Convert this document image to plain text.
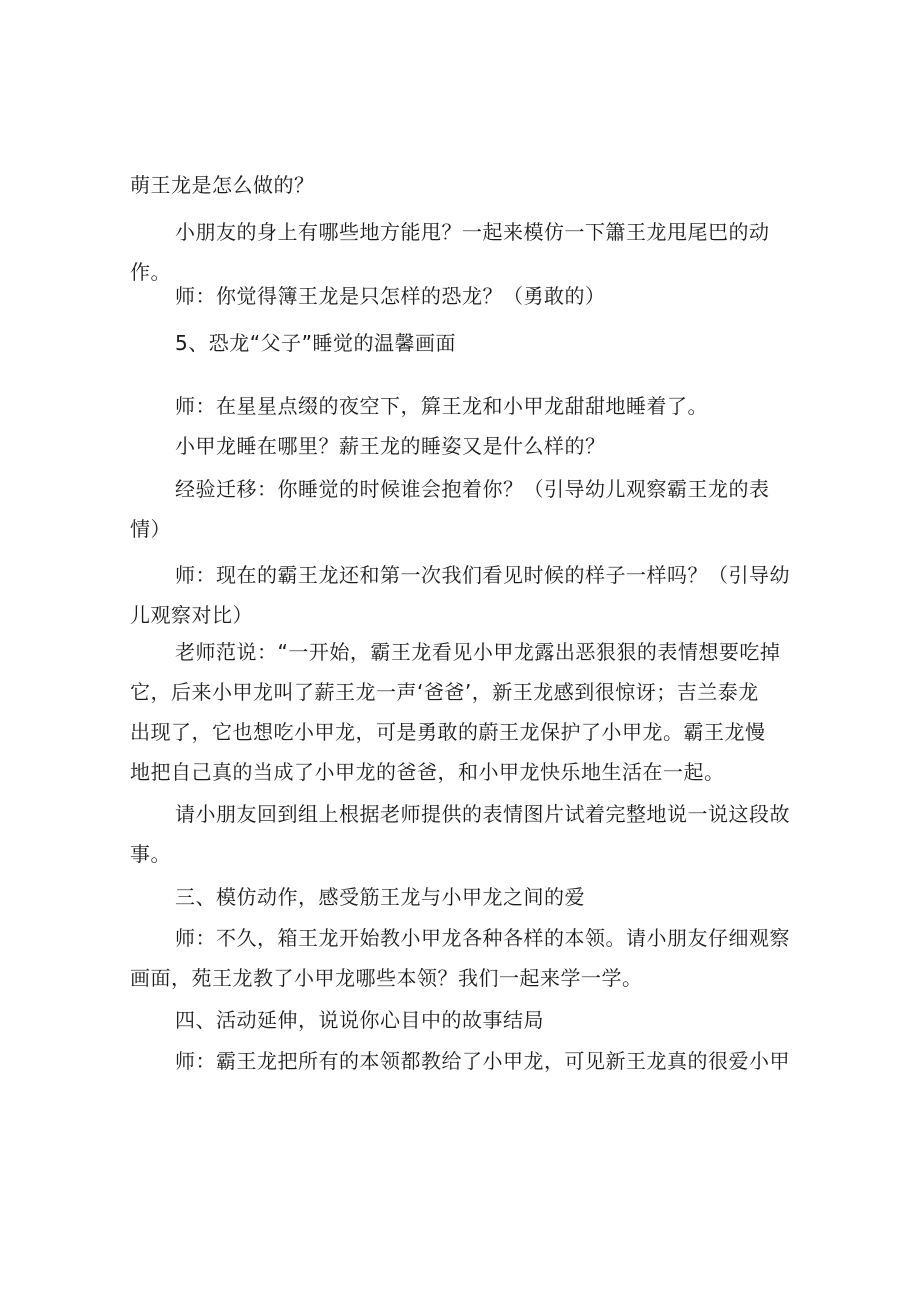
萌王龙是怎么做的？

小朋友的身上有哪些地方能甩？一起来模仿一下簫王龙甩尾巴的动
作。

师：你觉得簿王龙是只怎样的恐龙？（勇敢的）

5、恐龙“父子”睡觉的温馨画面

师：在星星点缀的夜空下，簈王龙和小甲龙甜甜地睡着了。

小甲龙睡在哪里？薪王龙的睡姿又是什么样的？

经验迁移：你睡觉的时候谁会抱着你？（引导幼儿观察霸王龙的表
情）
师：现在的霸王龙还和第一次我们看见时候的样子一样吗？（引导幼
儿观察对比）
老师范说：“一开始，霸王龙看见小甲龙露出恶狠狠的表情想要吃掉
它，后来小甲龙叫了薪王龙一声‘爸爸’，新王龙感到很惊讶；吉兰泰龙
出现了，它也想吃小甲龙，可是勇敢的蔚王龙保护了小甲龙。霸王龙慢
地把自己真的当成了小甲龙的爸爸，和小甲龙快乐地生活在一起。
请小朋友回到组上根据老师提供的表情图片试着完整地说一说这段故
事。

三、模仿动作，感受筋王龙与小甲龙之间的爱

师：不久，箱王龙开始教小甲龙各种各样的本领。请小朋友仔细观察
画面，苑王龙教了小甲龙哪些本领？我们一起来学一学。

四、活动延伸，说说你心目中的故事结局

师：霸王龙把所有的本领都教给了小甲龙，可见新王龙真的很爱小甲
